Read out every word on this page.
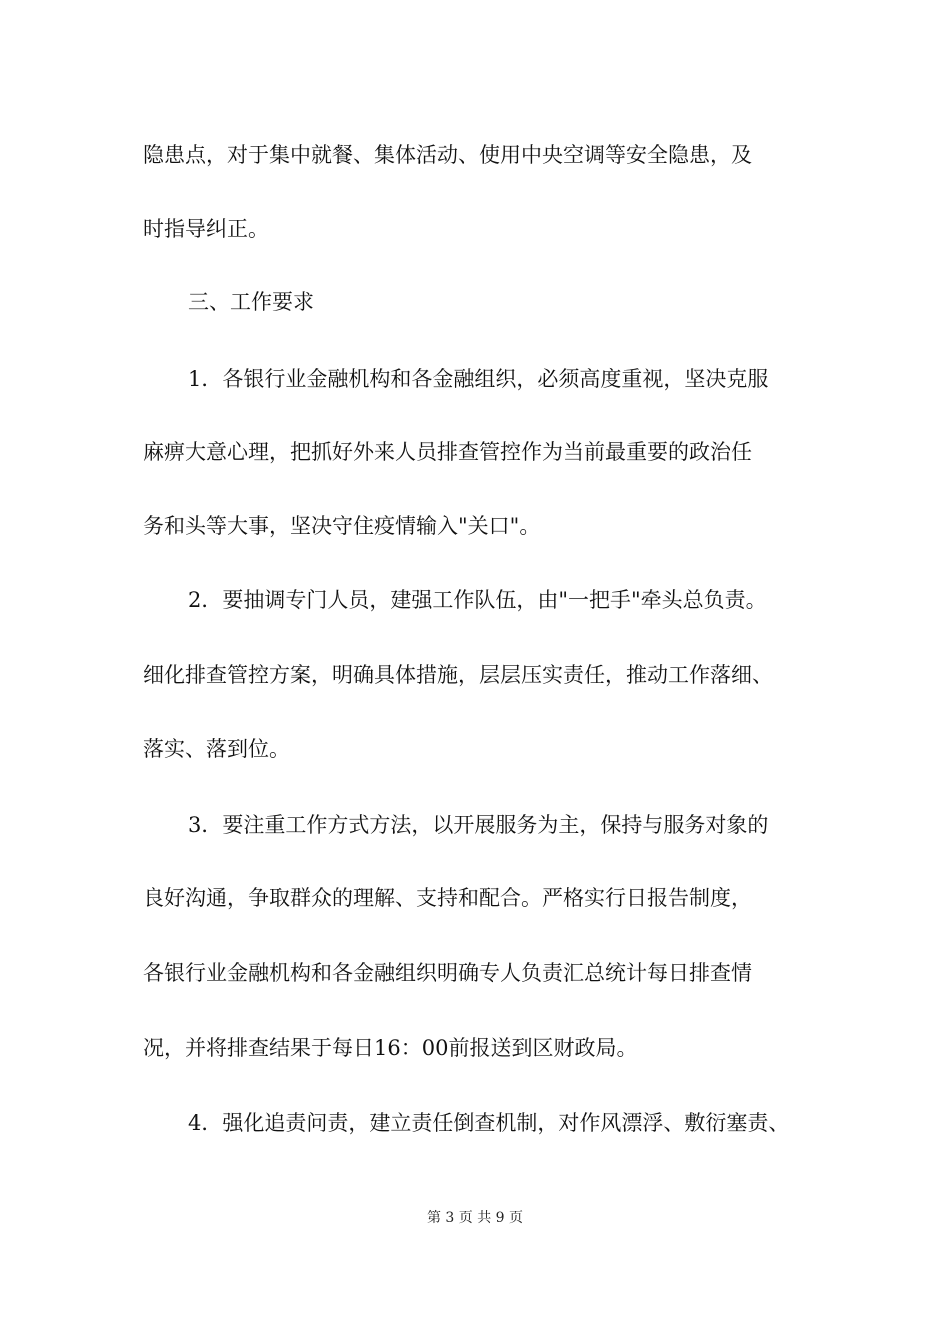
隐患点，对于集中就餐、集体活动、使用中央空调等安全隐患，及

时指导纠正。

三、工作要求

1．各银行业金融机构和各金融组织，必须高度重视，坚决克服

麻痹大意心理，把抓好外来人员排查管控作为当前最重要的政治任

务和头等大事，坚决守住疫情输入"关口"。

2．要抽调专门人员，建强工作队伍，由"一把手"牵头总负责。

细化排查管控方案，明确具体措施，层层压实责任，推动工作落细、

落实、落到位。

3．要注重工作方式方法，以开展服务为主，保持与服务对象的

良好沟通，争取群众的理解、支持和配合。严格实行日报告制度，

各银行业金融机构和各金融组织明确专人负责汇总统计每日排查情

况，并将排查结果于每日16：00前报送到区财政局。

4．强化追责问责，建立责任倒查机制，对作风漂浮、敷衍塞责、

第 3 页 共 9 页
